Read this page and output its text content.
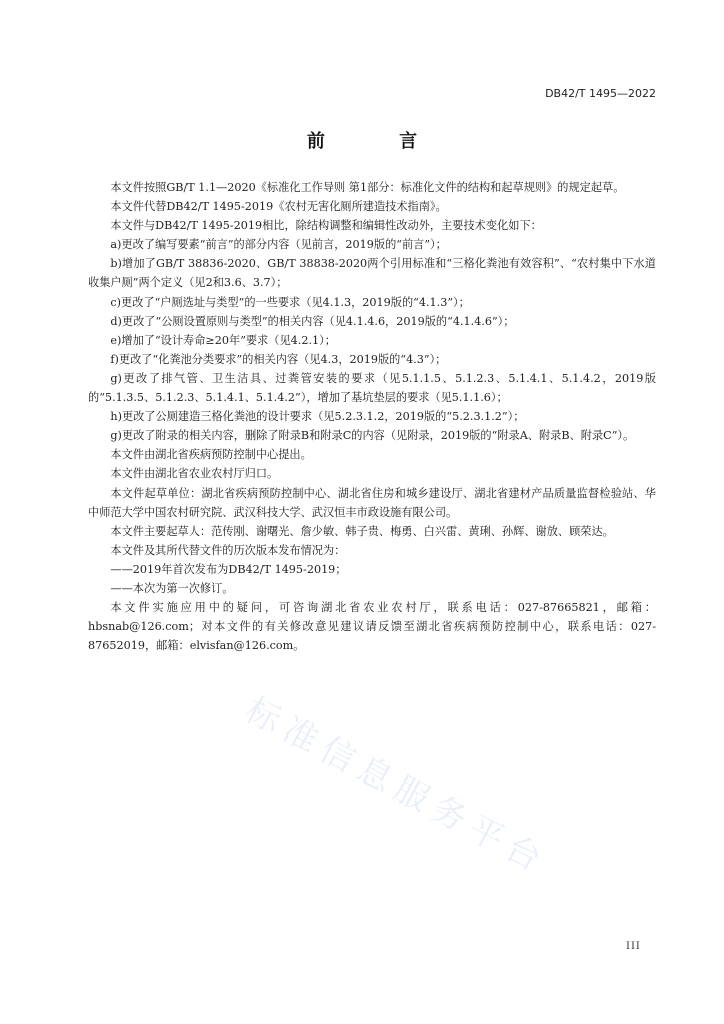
DB42/T 1495—2022
前 言

本文件按照GB/T 1.1—2020《标准化工作导则 第1部分：标准化文件的结构和起草规则》的规定起草。

本文件代替DB42/T 1495-2019《农村无害化厕所建造技术指南》。

本文件与DB42/T 1495-2019相比，除结构调整和编辑性改动外，主要技术变化如下：

a)更改了编写要素“前言”的部分内容（见前言，2019版的“前言”）；

b)增加了GB/T 38836-2020、GB/T 38838-2020两个引用标准和“三格化粪池有效容积”、“农村集中下水道收集户厕”两个定义（见2和3.6、3.7）；

c)更改了“户厕选址与类型”的一些要求（见4.1.3，2019版的“4.1.3”）；

d)更改了“公厕设置原则与类型”的相关内容（见4.1.4.6，2019版的“4.1.4.6”）；

e)增加了“设计寿命≥20年”要求（见4.2.1）；

f)更改了“化粪池分类要求”的相关内容（见4.3，2019版的“4.3”）；

g)更改了排气管、卫生洁具、过粪管安装的要求（见5.1.1.5、5.1.2.3、5.1.4.1、5.1.4.2，2019版的“5.1.3.5、5.1.2.3、5.1.4.1、5.1.4.2”），增加了基坑垫层的要求（见5.1.1.6）；

h)更改了公厕建造三格化粪池的设计要求（见5.2.3.1.2，2019版的“5.2.3.1.2”）；

g)更改了附录的相关内容，删除了附录B和附录C的内容（见附录，2019版的“附录A、附录B、附录C”）。

本文件由湖北省疾病预防控制中心提出。

本文件由湖北省农业农村厅归口。

本文件起草单位：湖北省疾病预防控制中心、湖北省住房和城乡建设厅、湖北省建材产品质量监督检验站、华中师范大学中国农村研究院、武汉科技大学、武汉恒丰市政设施有限公司。

本文件主要起草人：范传刚、谢曙光、詹少敏、韩子贵、梅勇、白兴雷、黄琍、孙辉、谢放、顾荣达。

本文件及其所代替文件的历次版本发布情况为：

——2019年首次发布为DB42/T 1495-2019；

——本次为第一次修订。

本文件实施应用中的疑问，可咨询湖北省农业农村厅，联系电话：027-87665821，邮箱：hbsnab@126.com；对本文件的有关修改意见建议请反馈至湖北省疾病预防控制中心，联系电话：027-87652019，邮箱：elvisfan@126.com。

标准信息服务平台
III
